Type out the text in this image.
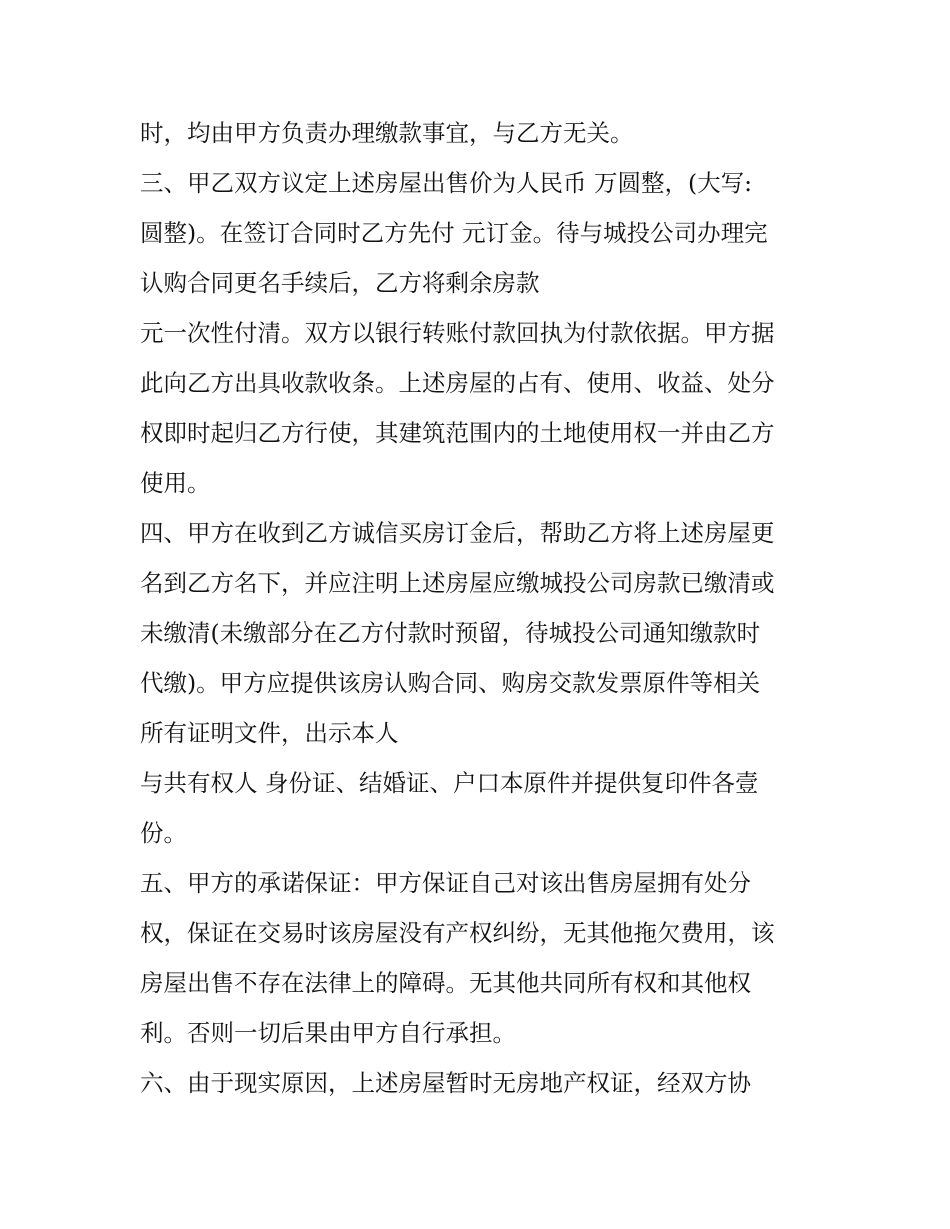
时，均由甲方负责办理缴款事宜，与乙方无关。
三、甲乙双方议定上述房屋出售价为人民币 万圆整，(大写:
圆整)。在签订合同时乙方先付 元订金。待与城投公司办理完
认购合同更名手续后，乙方将剩余房款
元一次性付清。双方以银行转账付款回执为付款依据。甲方据
此向乙方出具收款收条。上述房屋的占有、使用、收益、处分
权即时起归乙方行使，其建筑范围内的土地使用权一并由乙方
使用。
四、甲方在收到乙方诚信买房订金后，帮助乙方将上述房屋更
名到乙方名下，并应注明上述房屋应缴城投公司房款已缴清或
未缴清(未缴部分在乙方付款时预留，待城投公司通知缴款时
代缴)。甲方应提供该房认购合同、购房交款发票原件等相关
所有证明文件，出示本人
与共有权人 身份证、结婚证、户口本原件并提供复印件各壹
份。
五、甲方的承诺保证：甲方保证自己对该出售房屋拥有处分
权，保证在交易时该房屋没有产权纠纷，无其他拖欠费用，该
房屋出售不存在法律上的障碍。无其他共同所有权和其他权
利。否则一切后果由甲方自行承担。
六、由于现实原因，上述房屋暂时无房地产权证，经双方协
